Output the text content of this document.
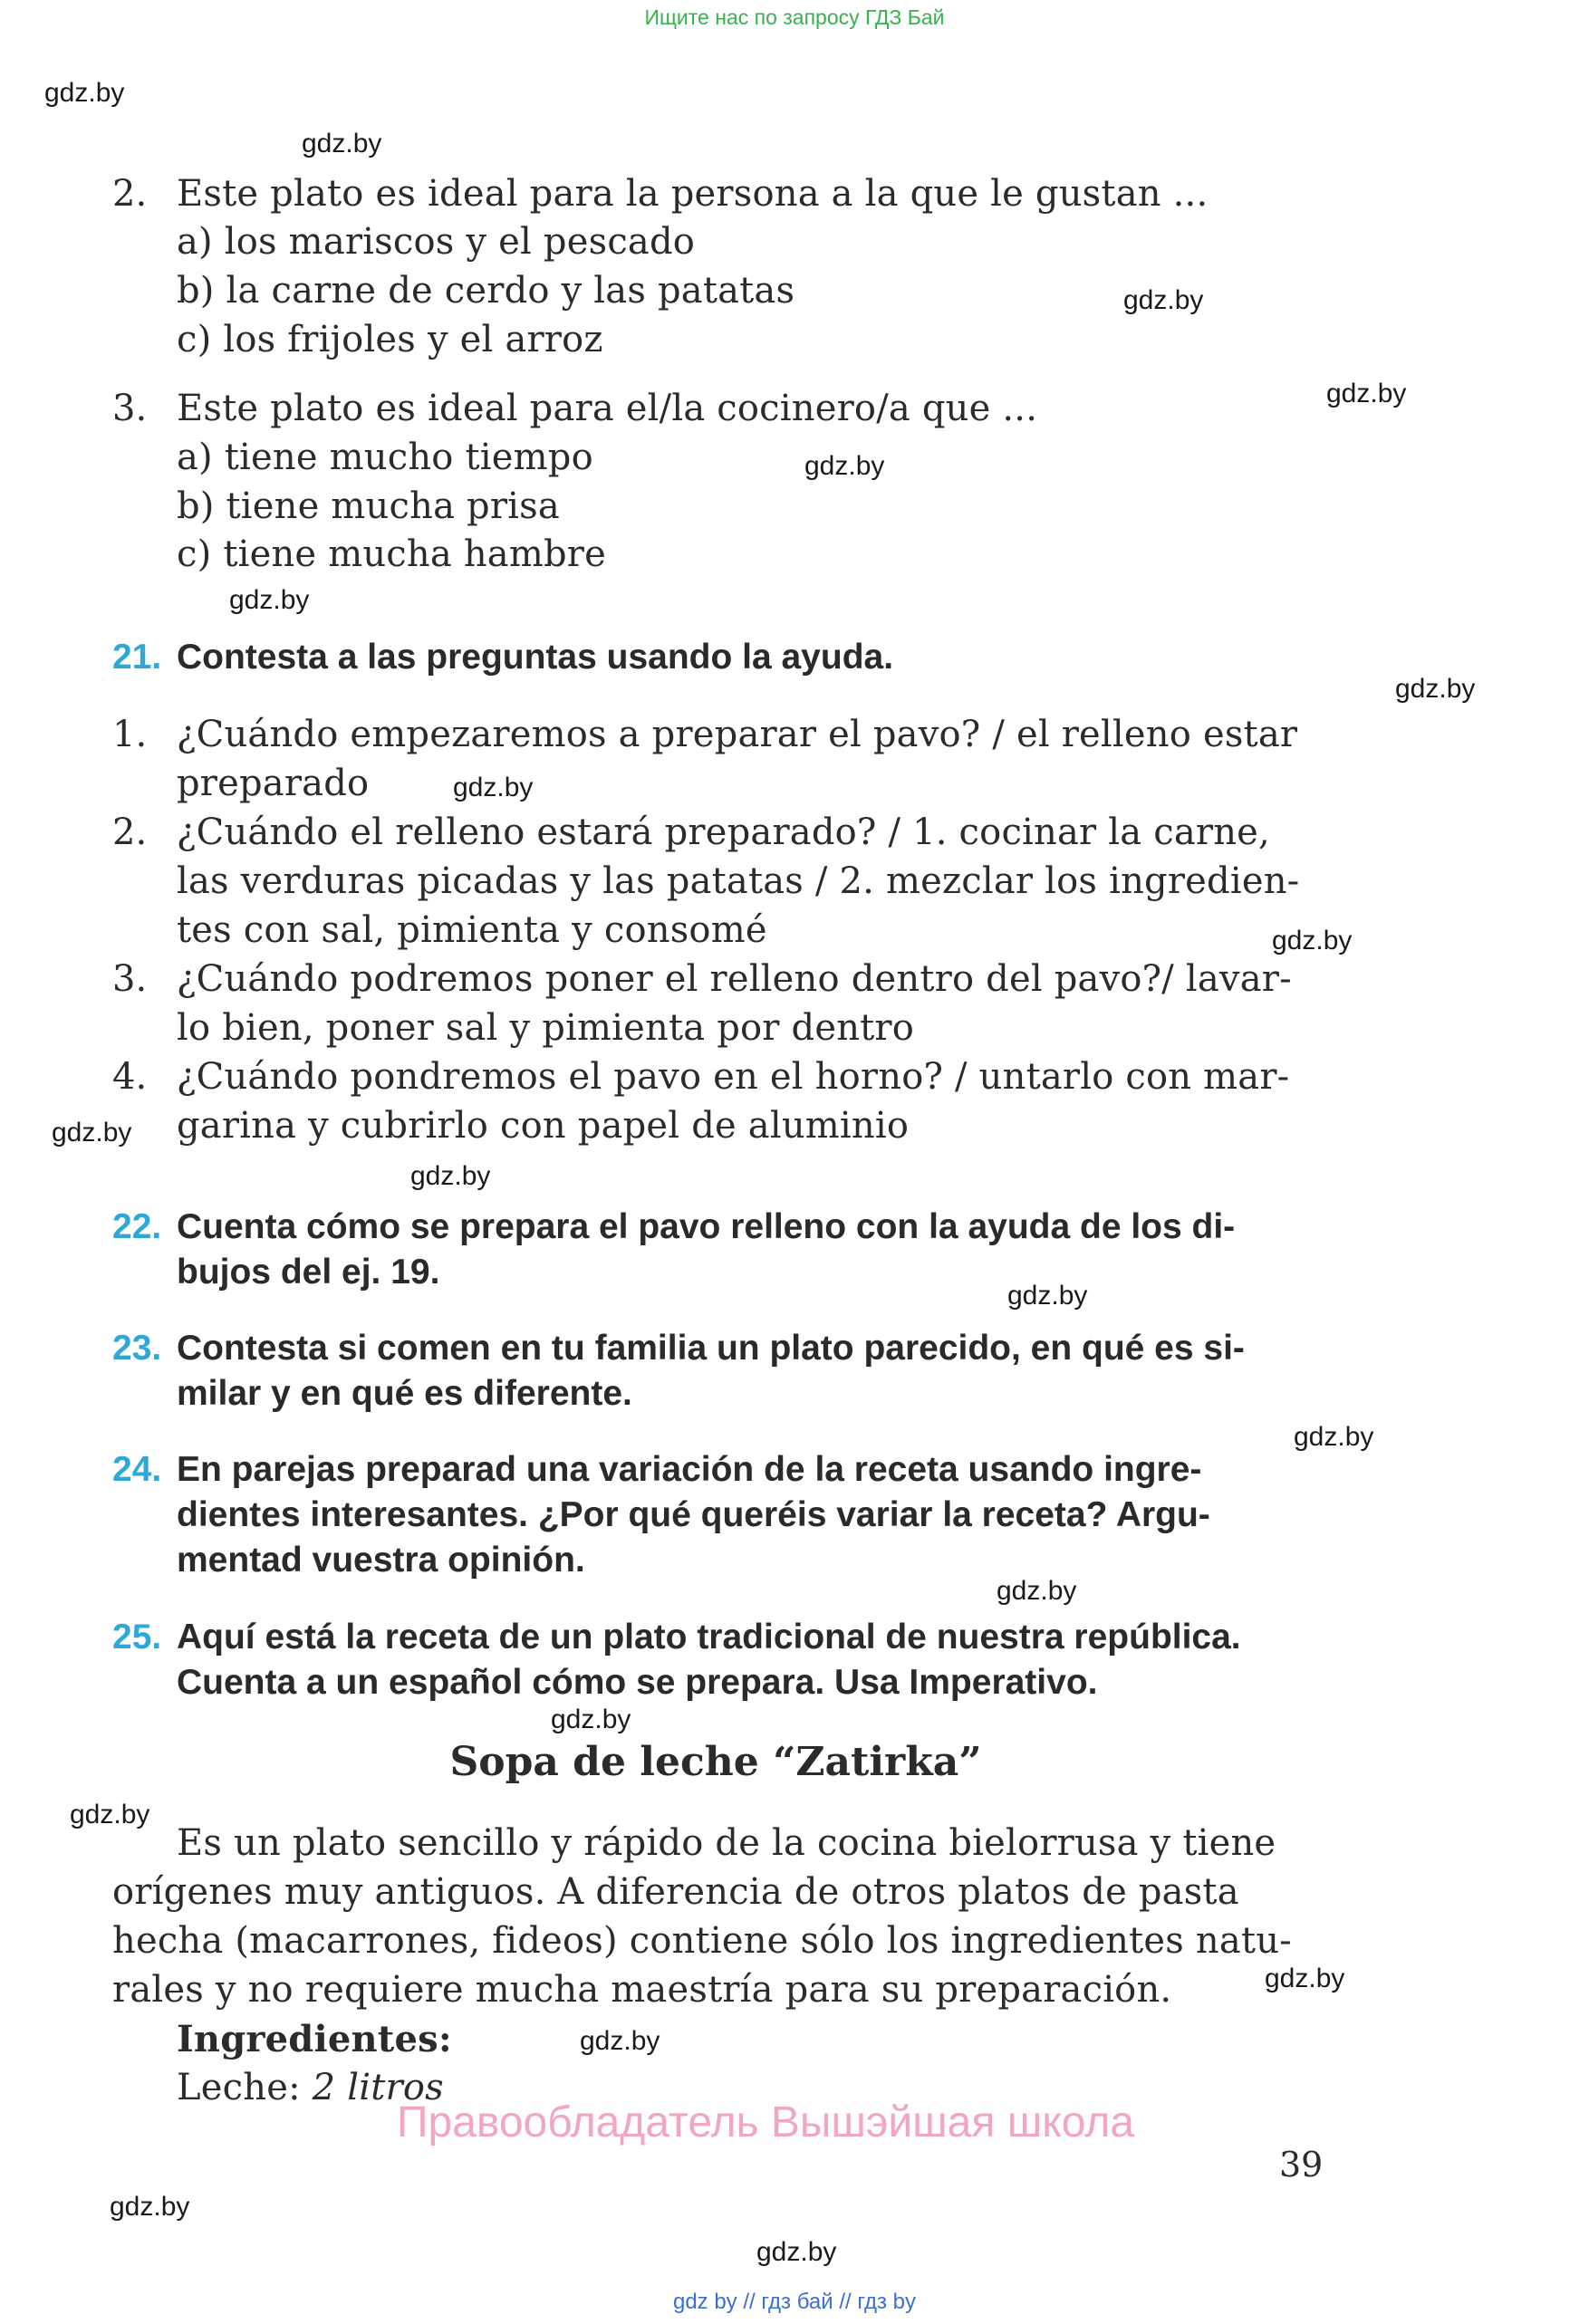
Ищите нас по запросу ГДЗ Бай
gdz.by
gdz.by
gdz.by
gdz.by
gdz.by
gdz.by
gdz.by
gdz.by
gdz.by
gdz.by
gdz.by
gdz.by
gdz.by
gdz.by
gdz.by
gdz.by
gdz.by
gdz.by
gdz.by
gdz.by
2. Este plato es ideal para la persona a la que le gustan ...
a) los mariscos y el pescado
b) la carne de cerdo y las patatas
c) los frijoles y el arroz
3. Este plato es ideal para el/la cocinero/a que ...
a) tiene mucho tiempo
b) tiene mucha prisa
c) tiene mucha hambre
21. Contesta a las preguntas usando la ayuda.
1. ¿Cuándo empezaremos a preparar el pavo? / el relleno estar
preparado
2. ¿Cuándo el relleno estará preparado? / 1. cocinar la carne,
las verduras picadas y las patatas / 2. mezclar los ingredien-
tes con sal, pimienta y consomé
3. ¿Cuándo podremos poner el relleno dentro del pavo?/ lavar-
lo bien, poner sal y pimienta por dentro
4. ¿Cuándo pondremos el pavo en el horno? / untarlo con mar-
garina y cubrirlo con papel de aluminio
22. Cuenta cómo se prepara el pavo relleno con la ayuda de los di-
bujos del ej. 19.
23. Contesta si comen en tu familia un plato parecido, en qué es si-
milar y en qué es diferente.
24. En parejas preparad una variación de la receta usando ingre-
dientes interesantes. ¿Por qué queréis variar la receta? Argu-
mentad vuestra opinión.
25. Aquí está la receta de un plato tradicional de nuestra república.
Cuenta a un español cómo se prepara. Usa Imperativo.
Sopa de leche “Zatirka”
Es un plato sencillo y rápido de la cocina bielorrusa y tiene
orígenes muy antiguos. A diferencia de otros platos de pasta
hecha (macarrones, fideos) contiene sólo los ingredientes natu-
rales y no requiere mucha maestría para su preparación.
Ingredientes:
Leche: 2 litros
Правообладатель Вышэйшая школа
39
gdz by // гдз бай // гдз by
